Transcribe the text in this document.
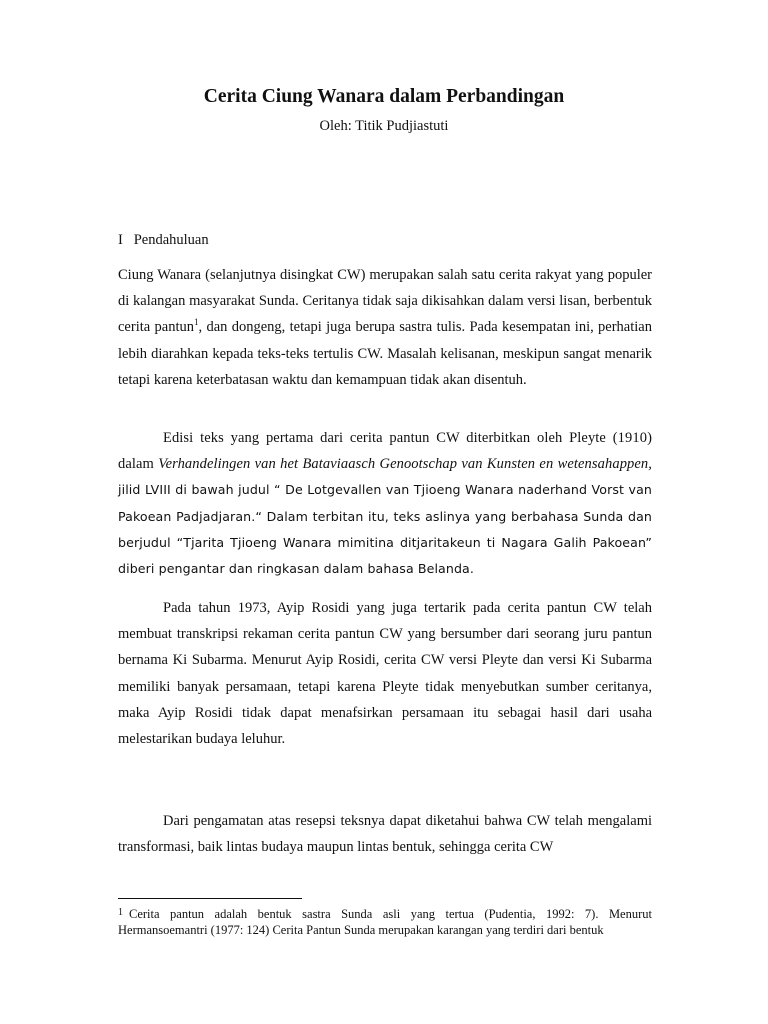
Cerita Ciung Wanara dalam Perbandingan
Oleh: Titik Pudjiastuti
I   Pendahuluan

Ciung Wanara (selanjutnya disingkat CW) merupakan salah satu cerita rakyat yang populer di kalangan masyarakat Sunda. Ceritanya tidak saja dikisahkan dalam versi lisan, berbentuk cerita pantun$^1$, dan dongeng, tetapi juga berupa sastra tulis. Pada kesempatan ini, perhatian lebih diarahkan kepada teks-teks tertulis CW. Masalah kelisanan, meskipun sangat menarik tetapi karena keterbatasan waktu dan kemampuan tidak akan disentuh.

Edisi teks yang pertama dari cerita pantun CW diterbitkan oleh Pleyte (1910) dalam Verhandelingen van het Bataviaasch Genootschap van Kunsten en wetensahappen, jilid LVIII di bawah judul “ De Lotgevallen van Tjioeng Wanara naderhand Vorst van Pakoean Padjadjaran.“ Dalam terbitan itu, teks aslinya yang berbahasa Sunda dan berjudul “Tjarita Tjioeng Wanara mimitina ditjaritakeun ti Nagara Galih Pakoean” diberi pengantar dan ringkasan dalam bahasa Belanda.

Pada tahun 1973, Ayip Rosidi yang juga tertarik pada cerita pantun CW telah membuat transkripsi rekaman cerita pantun CW yang bersumber dari seorang juru pantun bernama Ki Subarma. Menurut Ayip Rosidi, cerita CW versi Pleyte dan versi Ki Subarma memiliki banyak persamaan, tetapi karena Pleyte tidak menyebutkan sumber ceritanya, maka Ayip Rosidi tidak dapat menafsirkan persamaan itu sebagai hasil dari usaha melestarikan budaya leluhur.

Dari pengamatan atas resepsi teksnya dapat diketahui bahwa CW telah mengalami transformasi, baik lintas budaya maupun lintas bentuk, sehingga cerita CW

$^1$ Cerita pantun adalah bentuk sastra Sunda asli yang tertua (Pudentia, 1992: 7). Menurut Hermansoemantri (1977: 124) Cerita Pantun Sunda merupakan karangan yang terdiri dari bentuk
